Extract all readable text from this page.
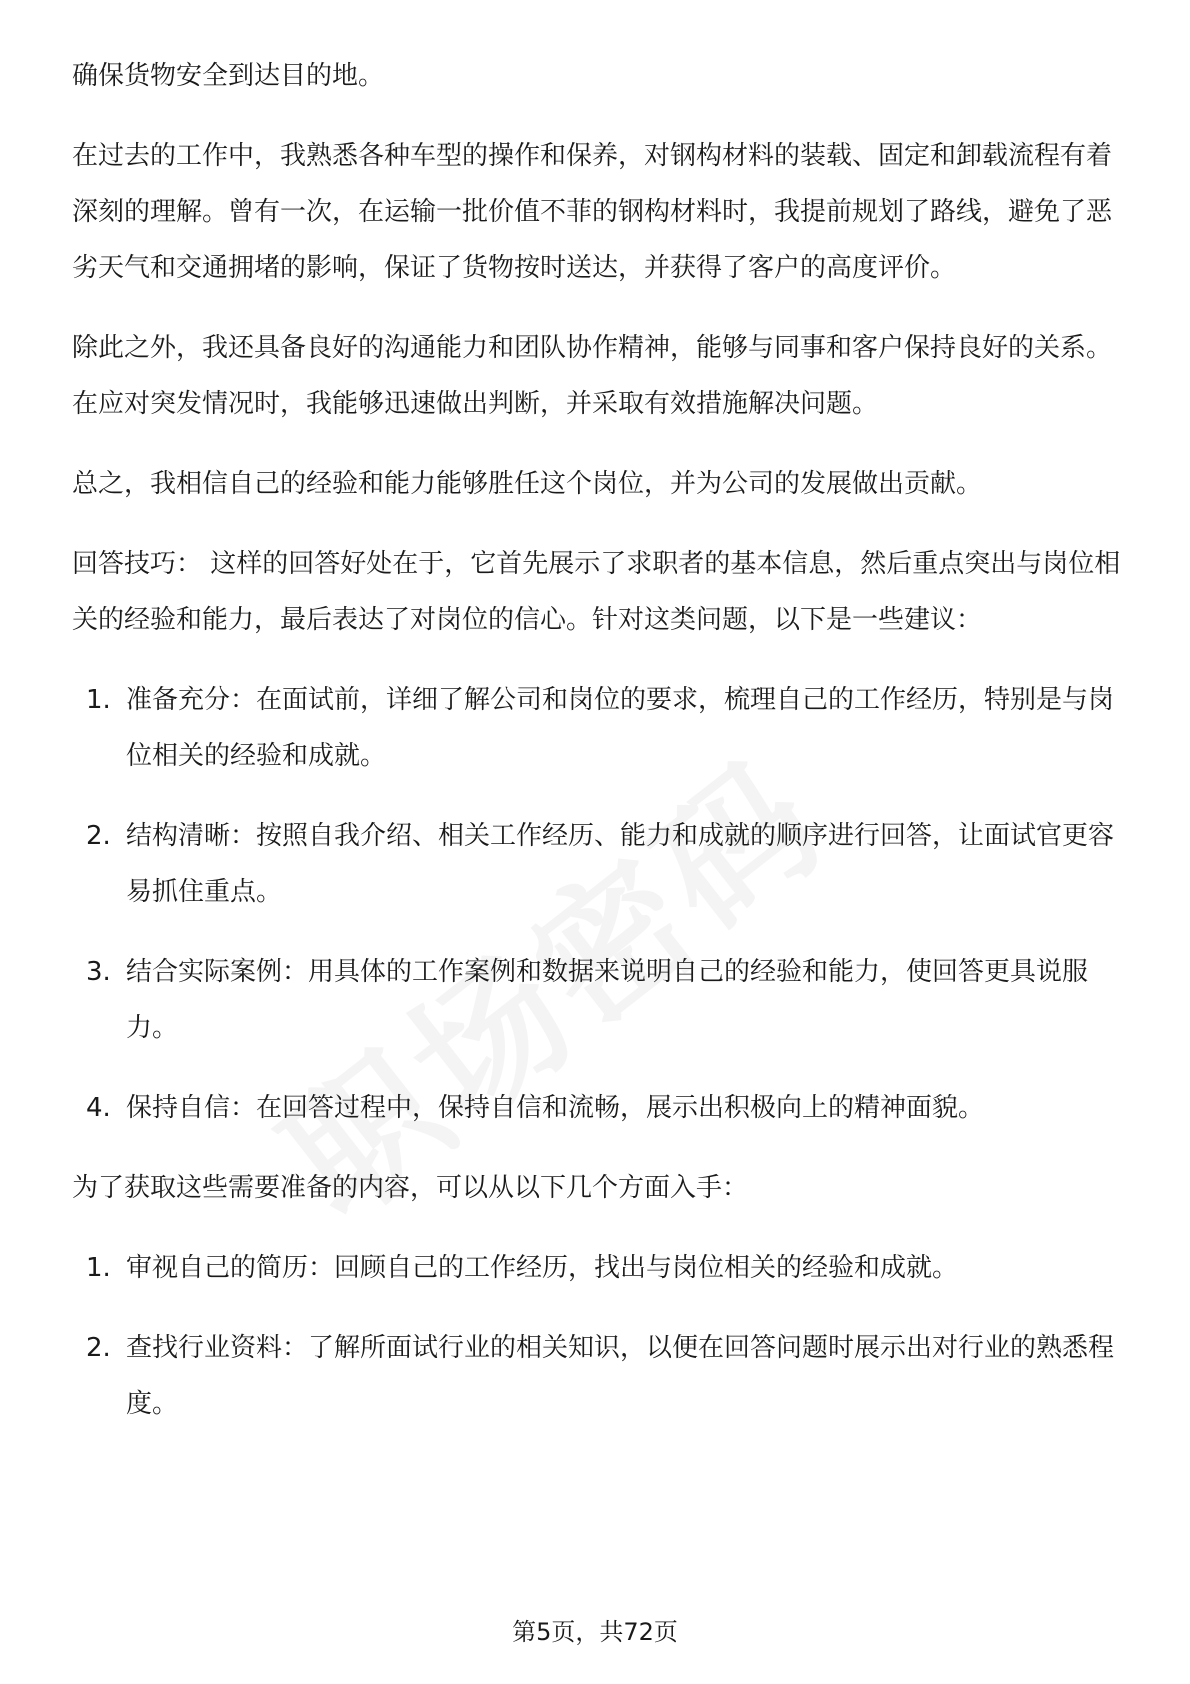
确保货物安全到达目的地。

在过去的工作中，我熟悉各种车型的操作和保养，对钢构材料的装载、固定和卸载流程有着深刻的理解。曾有一次，在运输一批价值不菲的钢构材料时，我提前规划了路线，避免了恶劣天气和交通拥堵的影响，保证了货物按时送达，并获得了客户的高度评价。

除此之外，我还具备良好的沟通能力和团队协作精神，能够与同事和客户保持良好的关系。在应对突发情况时，我能够迅速做出判断，并采取有效措施解决问题。

总之，我相信自己的经验和能力能够胜任这个岗位，并为公司的发展做出贡献。

回答技巧： 这样的回答好处在于，它首先展示了求职者的基本信息，然后重点突出与岗位相关的经验和能力，最后表达了对岗位的信心。针对这类问题，以下是一些建议：

1. 准备充分：在面试前，详细了解公司和岗位的要求，梳理自己的工作经历，特别是与岗位相关的经验和成就。
2. 结构清晰：按照自我介绍、相关工作经历、能力和成就的顺序进行回答，让面试官更容易抓住重点。
3. 结合实际案例：用具体的工作案例和数据来说明自己的经验和能力，使回答更具说服力。
4. 保持自信：在回答过程中，保持自信和流畅，展示出积极向上的精神面貌。

为了获取这些需要准备的内容，可以从以下几个方面入手：

1. 审视自己的简历：回顾自己的工作经历，找出与岗位相关的经验和成就。
2. 查找行业资料：了解所面试行业的相关知识，以便在回答问题时展示出对行业的熟悉程度。
第5页，共72页
